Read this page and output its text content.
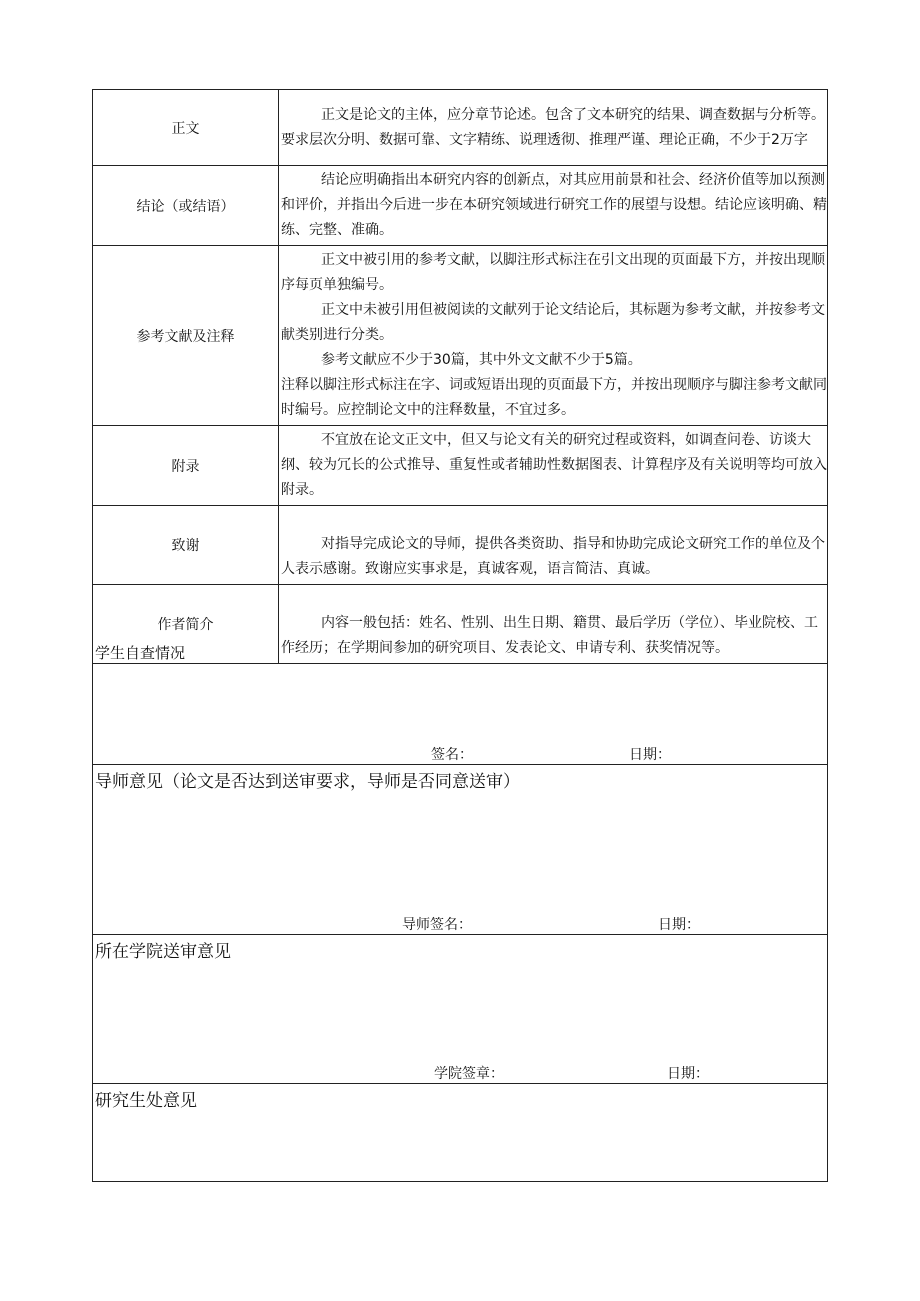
正文	正文是论文的主体，应分章节论述。包含了文本研究的结果、调查数据与分析等。要求层次分明、数据可靠、文字精练、说理透彻、推理严谨、理论正确，不少于2万字

结论（或结语）	结论应明确指出本研究内容的创新点，对其应用前景和社会、经济价值等加以预测和评价，并指出今后进一步在本研究领域进行研究工作的展望与设想。结论应该明确、精练、完整、准确。

参考文献及注释	正文中被引用的参考文献，以脚注形式标注在引文出现的页面最下方，并按出现顺序每页单独编号。

正文中未被引用但被阅读的文献列于论文结论后，其标题为参考文献，并按参考文献类别进行分类。

参考文献应不少于30篇，其中外文文献不少于5篇。

注释以脚注形式标注在字、词或短语出现的页面最下方，并按出现顺序与脚注参考文献同时编号。应控制论文中的注释数量，不宜过多。

附录	不宜放在论文正文中，但又与论文有关的研究过程或资料，如调查问卷、访谈大纲、较为冗长的公式推导、重复性或者辅助性数据图表、计算程序及有关说明等均可放入附录。

致谢	对指导完成论文的导师，提供各类资助、指导和协助完成论文研究工作的单位及个人表示感谢。致谢应实事求是，真诚客观，语言简洁、真诚。

作者简介	内容一般包括：姓名、性别、出生日期、籍贯、最后学历（学位）、毕业院校、工作经历；在学期间参加的研究项目、发表论文、申请专利、获奖情况等。

学生自查情况
签名：	日期：
导师意见（论文是否达到送审要求，导师是否同意送审）
导师签名：	日期：
所在学院送审意见
学院签章：	日期：
研究生处意见
